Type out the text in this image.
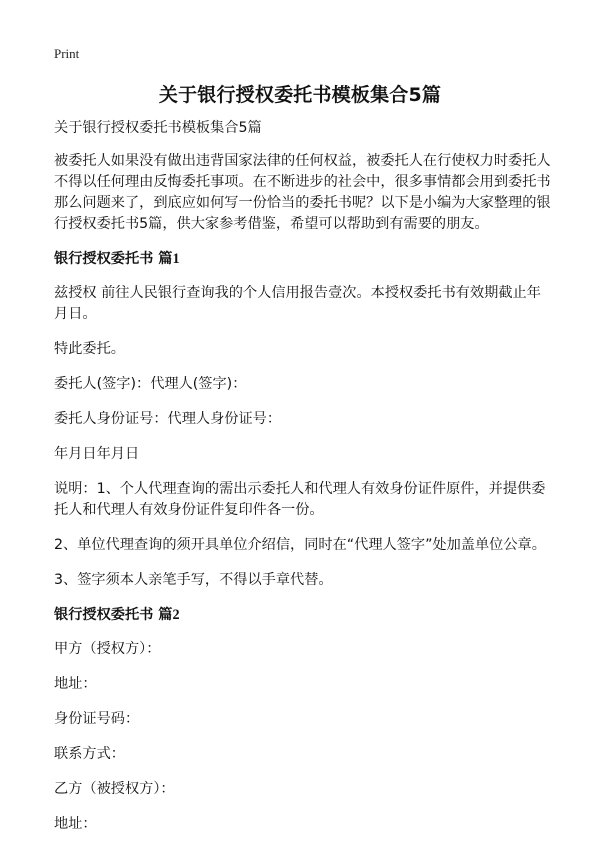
Print
关于银行授权委托书模板集合5篇

关于银行授权委托书模板集合5篇

被委托人如果没有做出违背国家法律的任何权益，被委托人在行使权力时委托人不得以任何理由反悔委托事项。在不断进步的社会中，很多事情都会用到委托书那么问题来了，到底应如何写一份恰当的委托书呢？以下是小编为大家整理的银行授权委托书5篇，供大家参考借鉴，希望可以帮助到有需要的朋友。

银行授权委托书 篇1

兹授权 前往人民银行查询我的个人信用报告壹次。本授权委托书有效期截止年月日。

特此委托。

委托人(签字)：代理人(签字)：

委托人身份证号：代理人身份证号：

年月日年月日

说明：1、个人代理查询的需出示委托人和代理人有效身份证件原件，并提供委托人和代理人有效身份证件复印件各一份。

2、单位代理查询的须开具单位介绍信，同时在“代理人签字”处加盖单位公章。

3、签字须本人亲笔手写，不得以手章代替。

银行授权委托书 篇2

甲方（授权方）：

地址：

身份证号码：

联系方式：

乙方（被授权方）：

地址：
